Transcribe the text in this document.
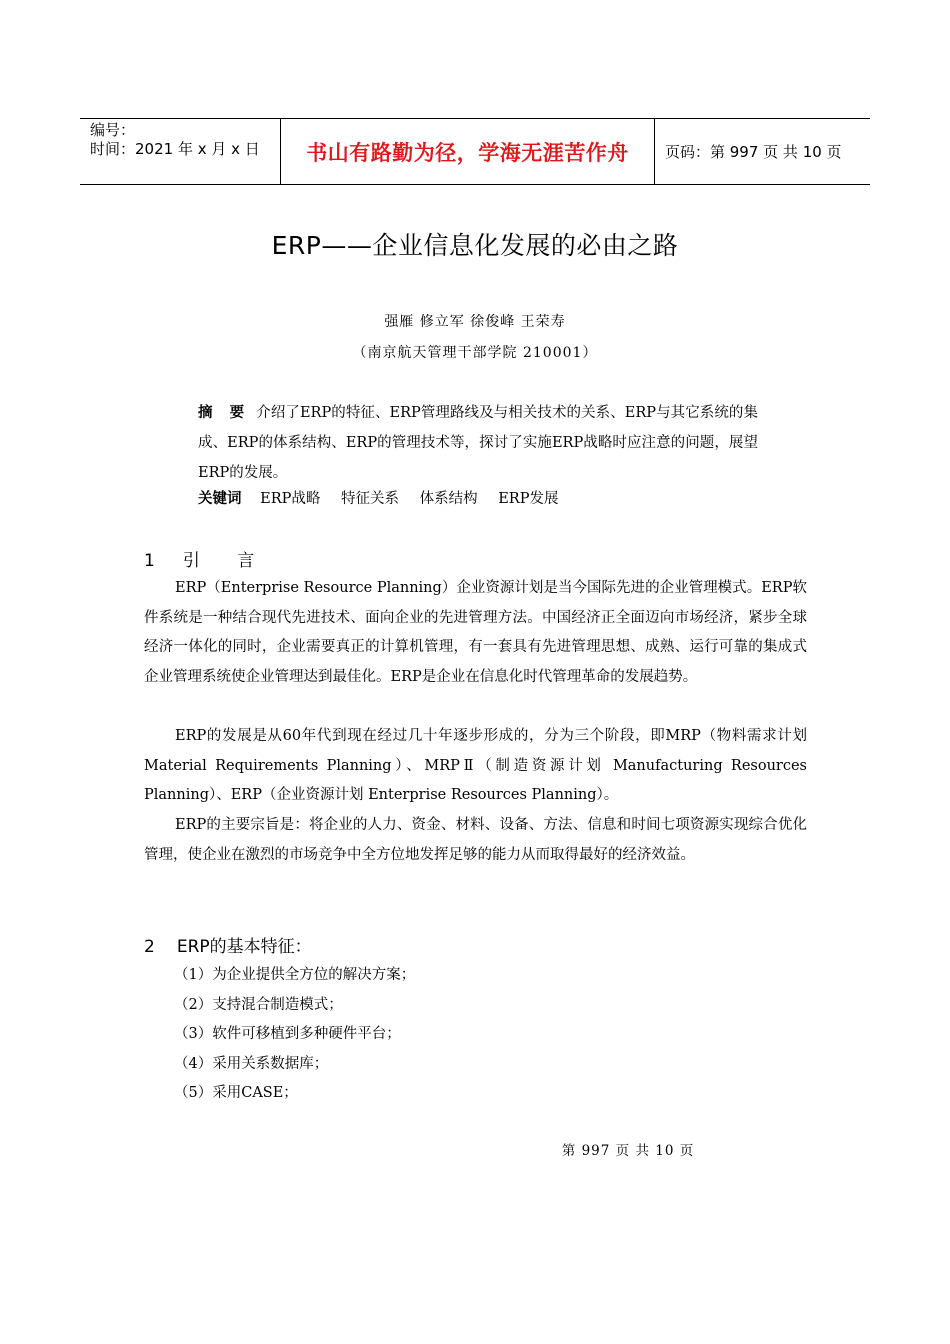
编号：
时间：2021 年 x 月 x 日	书山有路勤为径，学海无涯苦作舟 页码：第 997 页 共 10 页
ERP——企业信息化发展的必由之路
强雁 修立军 徐俊峰 王荣寿
（南京航天管理干部学院 210001）
摘 要 介绍了ERP的特征、ERP管理路线及与相关技术的关系、ERP与其它系统的集成、ERP的体系结构、ERP的管理技术等，探讨了实施ERP战略时应注意的问题，展望ERP的发展。
关键词 ERP战略 特征关系 体系结构 ERP发展
1 引 言
ERP（Enterprise Resource Planning）企业资源计划是当今国际先进的企业管理模式。ERP软件系统是一种结合现代先进技术、面向企业的先进管理方法。中国经济正全面迈向市场经济，紧步全球经济一体化的同时，企业需要真正的计算机管理，有一套具有先进管理思想、成熟、运行可靠的集成式企业管理系统使企业管理达到最佳化。ERP是企业在信息化时代管理革命的发展趋势。
ERP的发展是从60年代到现在经过几十年逐步形成的，分为三个阶段，即MRP（物料需求计划 Material Requirements Planning）、MRPⅡ（制造资源计划 Manufacturing Resources Planning）、ERP（企业资源计划 Enterprise Resources Planning）。
ERP的主要宗旨是：将企业的人力、资金、材料、设备、方法、信息和时间七项资源实现综合优化管理，使企业在激烈的市场竞争中全方位地发挥足够的能力从而取得最好的经济效益。
2 ERP的基本特征：
（1）为企业提供全方位的解决方案；
（2）支持混合制造模式；
（3）软件可移植到多种硬件平台；
（4）采用关系数据库；
（5）采用CASE；
第 997 页 共 10 页
